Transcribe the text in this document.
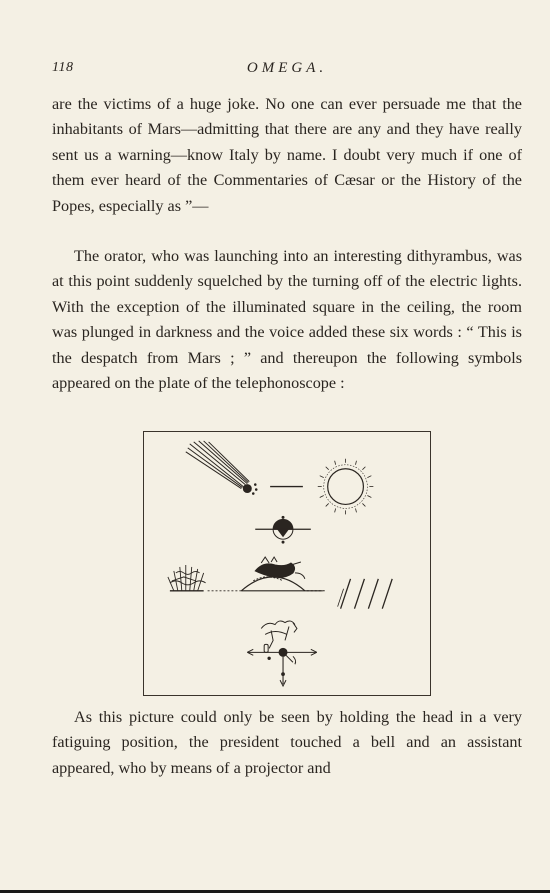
118	OMEGA.

are the victims of a huge joke. No one can ever persuade me that the inhabitants of Mars—admitting that there are any and they have really sent us a warning—know Italy by name. I doubt very much if one of them ever heard of the Commentaries of Cæsar or the History of the Popes, especially as ”—

The orator, who was launching into an interesting dithyrambus, was at this point suddenly squelched by the turning off of the electric lights. With the exception of the illuminated square in the ceiling, the room was plunged in darkness and the voice added these six words : “ This is the despatch from Mars ; ” and thereupon the following symbols appeared on the plate of the telephonoscope :

As this picture could only be seen by holding the head in a very fatiguing position, the president touched a bell and an assistant appeared, who by means of a projector and
